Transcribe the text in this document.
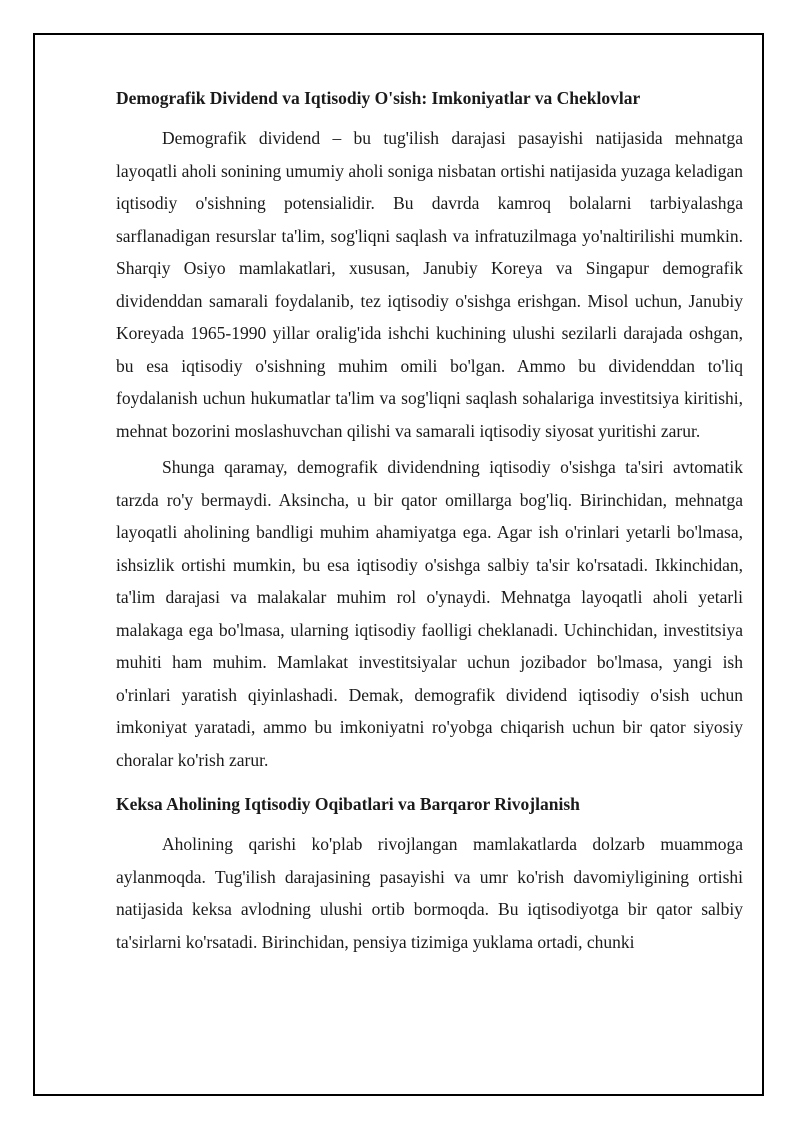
Demografik Dividend va Iqtisodiy O'sish: Imkoniyatlar va Cheklovlar

Demografik dividend – bu tug'ilish darajasi pasayishi natijasida mehnatga layoqatli aholi sonining umumiy aholi soniga nisbatan ortishi natijasida yuzaga keladigan iqtisodiy o'sishning potensialidir. Bu davrda kamroq bolalarni tarbiyalashga sarflanadigan resurslar ta'lim, sog'liqni saqlash va infratuzilmaga yo'naltirilishi mumkin. Sharqiy Osiyo mamlakatlari, xususan, Janubiy Koreya va Singapur demografik dividenddan samarali foydalanib, tez iqtisodiy o'sishga erishgan. Misol uchun, Janubiy Koreyada 1965-1990 yillar oralig'ida ishchi kuchining ulushi sezilarli darajada oshgan, bu esa iqtisodiy o'sishning muhim omili bo'lgan. Ammo bu dividenddan to'liq foydalanish uchun hukumatlar ta'lim va sog'liqni saqlash sohalariga investitsiya kiritishi, mehnat bozorini moslashuvchan qilishi va samarali iqtisodiy siyosat yuritishi zarur.

Shunga qaramay, demografik dividendning iqtisodiy o'sishga ta'siri avtomatik tarzda ro'y bermaydi. Aksincha, u bir qator omillarga bog'liq. Birinchidan, mehnatga layoqatli aholining bandligi muhim ahamiyatga ega. Agar ish o'rinlari yetarli bo'lmasa, ishsizlik ortishi mumkin, bu esa iqtisodiy o'sishga salbiy ta'sir ko'rsatadi. Ikkinchidan, ta'lim darajasi va malakalar muhim rol o'ynaydi. Mehnatga layoqatli aholi yetarli malakaga ega bo'lmasa, ularning iqtisodiy faolligi cheklanadi. Uchinchidan, investitsiya muhiti ham muhim. Mamlakat investitsiyalar uchun jozibador bo'lmasa, yangi ish o'rinlari yaratish qiyinlashadi. Demak, demografik dividend iqtisodiy o'sish uchun imkoniyat yaratadi, ammo bu imkoniyatni ro'yobga chiqarish uchun bir qator siyosiy choralar ko'rish zarur.

Keksa Aholining Iqtisodiy Oqibatlari va Barqaror Rivojlanish

Aholining qarishi ko'plab rivojlangan mamlakatlarda dolzarb muammoga aylanmoqda. Tug'ilish darajasining pasayishi va umr ko'rish davomiyligining ortishi natijasida keksa avlodning ulushi ortib bormoqda. Bu iqtisodiyotga bir qator salbiy ta'sirlarni ko'rsatadi. Birinchidan, pensiya tizimiga yuklama ortadi, chunki
